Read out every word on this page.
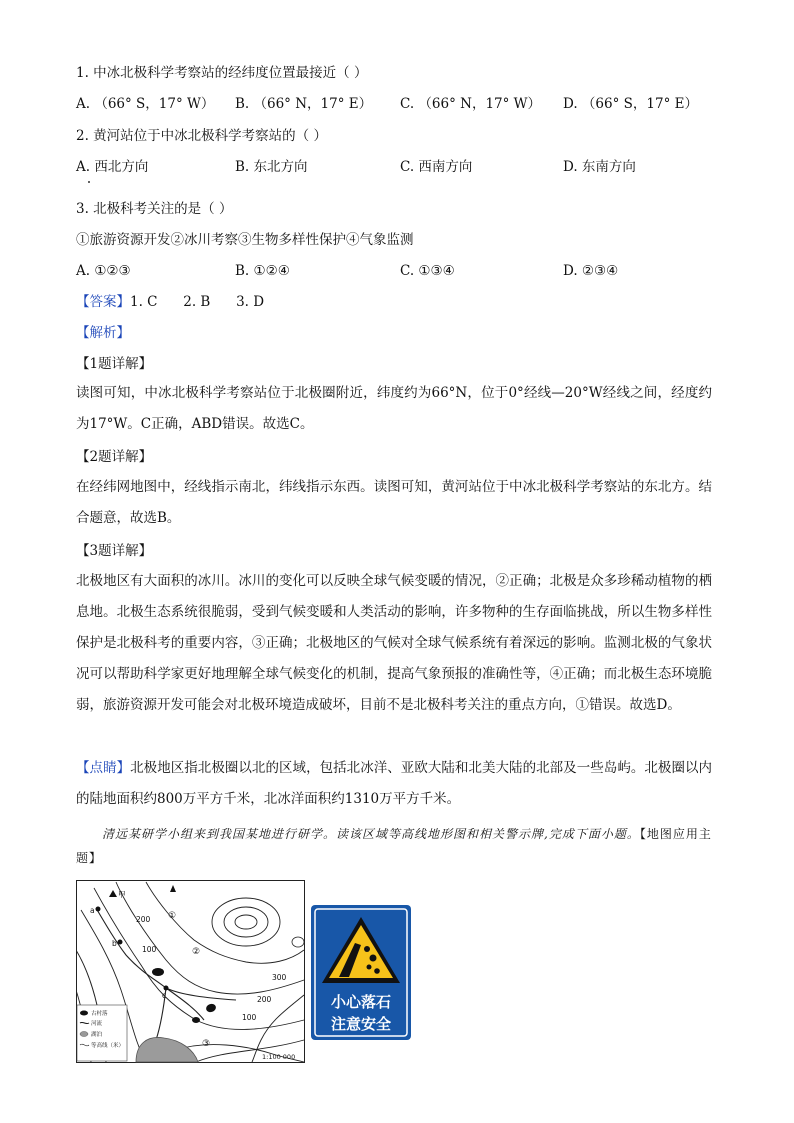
1. 中冰北极科学考察站的经纬度位置最接近（ ）
A. （66° S，17° W） B. （66° N，17° E） C. （66° N，17° W） D. （66° S，17° E）
2. 黄河站位于中冰北极科学考察站的（ ）
A. 西北方向	B. 东北方向	C. 西南方向	D. 东南方向
3. 北极科考关注的是（ ）
①旅游资源开发②冰川考察③生物多样性保护④气象监测
A. ①②③	B. ①②④	C. ①③④	D. ②③④
【答案】1. C      2. B      3. D
【解析】
【1题详解】
读图可知，中冰北极科学考察站位于北极圈附近，纬度约为66°N，位于0°经线—20°W经线之间，经度约为17°W。C正确，ABD错误。故选C。
【2题详解】
在经纬网地图中，经线指示南北，纬线指示东西。读图可知，黄河站位于中冰北极科学考察站的东北方。结合题意，故选B。
【3题详解】
北极地区有大面积的冰川。冰川的变化可以反映全球气候变暖的情况，②正确；北极是众多珍稀动植物的栖息地。北极生态系统很脆弱，受到气候变暖和人类活动的影响，许多物种的生存面临挑战，所以生物多样性保护是北极科考的重要内容，③正确；北极地区的气候对全球气候系统有着深远的影响。监测北极的气象状况可以帮助科学家更好地理解全球气候变化的机制，提高气象预报的准确性等，④正确；而北极生态环境脆弱，旅游资源开发可能会对北极环境造成破坏，目前不是北极科考关注的重点方向，①错误。故选D。
【点睛】北极地区指北极圈以北的区域，包括北冰洋、亚欧大陆和北美大陆的北部及一些岛屿。北极圈以内的陆地面积约800万平方千米，北冰洋面积约1310万平方千米。
清远某研学小组来到我国某地进行研学。读该区域等高线地形图和相关警示牌,完成下面小题。【地图应用主题】
a
b
c
甲
200
100
300
200
100
①
②
③
1:100 000
古村落
河流
湖泊
等高线（米）
小心落石
注意安全
